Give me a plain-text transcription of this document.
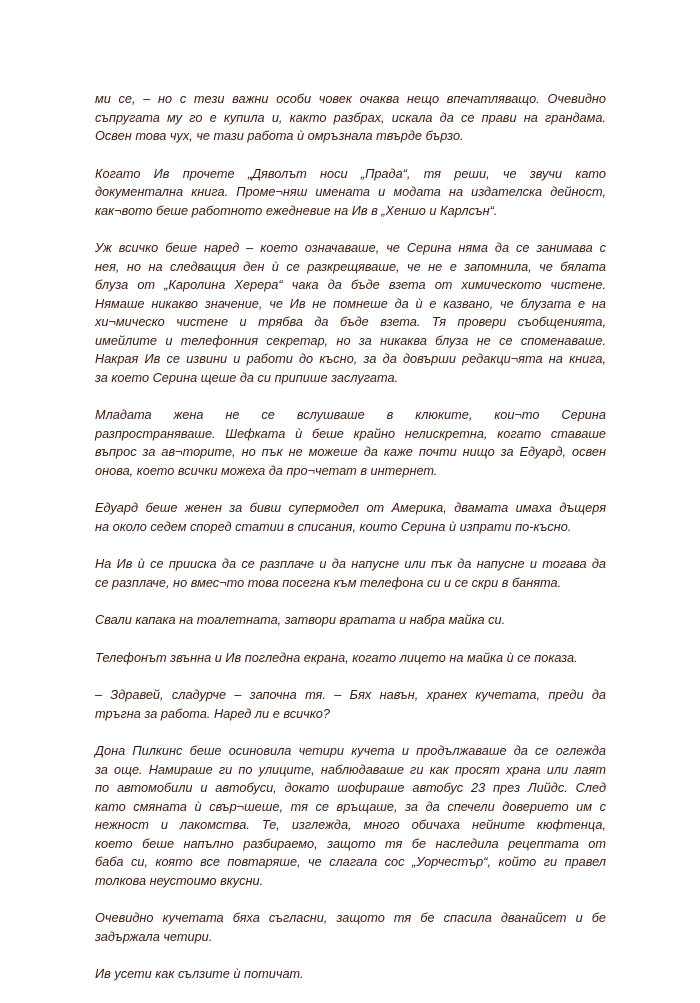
ми се, – но с тези важни особи човек очаква нещо впечатляващо. Очевидно
съпругата му го е купила и, както разбрах, искала да се прави на грандама.
Освен това чух, че тази работа ѝ омръзнала твърде бързо.

Когато Ив прочете „Дяволът носи „Прада“, тя реши, че звучи като
документална книга. Проме¬няш имената и модата на издателска дейност,
как¬вото беше работното ежедневие на Ив в „Хеншо и Карлсън“.

Уж всичко беше наред – което означаваше, че Серина няма да се занимава с
нея, но на следващия ден ѝ се разкрещяваше, че не е запомнила, че бялата
блуза от „Каролина Херера“ чака да бъде взета от химическото чистене.
Нямаше никакво значение, че Ив не помнеше да ѝ е казвано, че блузата е на
хи¬мическо чистене и трябва да бъде взета. Тя провери съобщенията,
имейлите и телефонния секретар, но за никаква блуза не се споменаваше.
Накрая Ив се извини и работи до късно, за да довърши редакци¬ята на книга,
за което Серина щеше да си припише заслугата.

Младата жена не се вслушваше в клюките, кои¬то Серина
разпространяваше. Шефката ѝ беше крайно нелискретна, когато ставаше
въпрос за ав¬торите, но пък не можеше да каже почти нищо за Едуард, освен
онова, което всички можеха да про¬четат в интернет.

Едуард беше женен за бивш супермодел от Америка, двамата имаха дъщеря
на около седем според статии в списания, които Серина ѝ изпрати по-късно.

На Ив ѝ се прииска да се разплаче и да напусне или пък да напусне и тогава да
се разплаче, но вмес¬то това посегна към телефона си и се скри в банята.

Свали капака на тоалетната, затвори вратата и набра майка си.

Телефонът звънна и Ив погледна екрана, когато лицето на майка ѝ се показа.

– Здравей, сладурче – започна тя. – Бях навън, хранех кучетата, преди да
тръгна за работа. Наред ли е всичко?

Дона Пилкинс беше осиновила четири кучета и продължаваше да се оглежда
за още. Намираше ги по улиците, наблюдаваше ги как просят храна или лаят
по автомобили и автобуси, докато шофираше автобус 23 през Лийдс. След
като смяната ѝ свър¬шеше, тя се връщаше, за да спечели доверието им с
нежност и лакомства. Те, изглежда, много обичаха нейните кюфтенца,
което беше напълно разбираемо, защото тя бе наследила рецептата от
баба си, която все повтаряше, че слагала сос „Уорчестър“, който ги правел
толкова неустоимо вкусни.

Очевидно кучетата бяха съгласни, защото тя бе спасила дванайсет и бе
задържала четири.

Ив усети как сълзите ѝ потичат.
